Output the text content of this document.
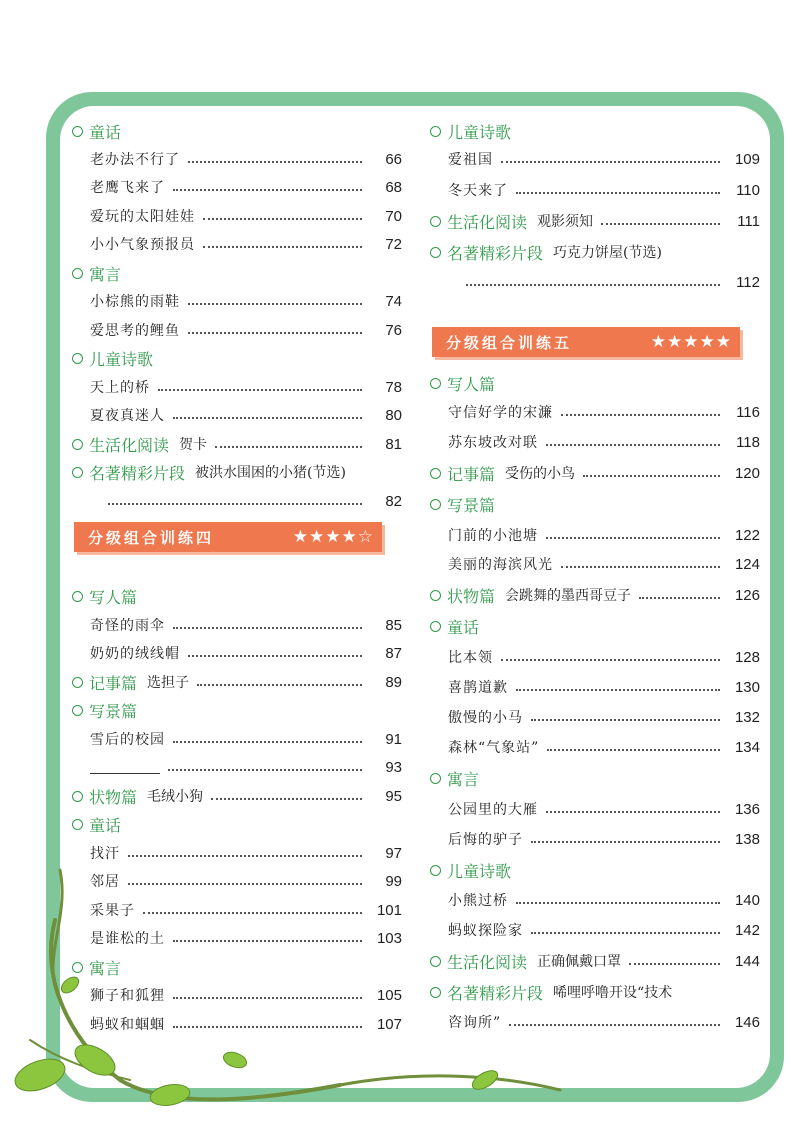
童话
老办法不行了	66
老鹰飞来了	68
爱玩的太阳娃娃	70
小小气象预报员	72
寓言
小棕熊的雨鞋	74
爱思考的鲤鱼	76
儿童诗歌
天上的桥	78
夏夜真迷人	80
生活化阅读 贺卡	81
名著精彩片段 被洪水围困的小猪(节选)
82
分级组合训练四	★★★★☆
写人篇
奇怪的雨伞	85
奶奶的绒线帽	87
记事篇 选担子	89
写景篇
雪后的校园	91
93
状物篇 毛绒小狗	95
童话
找汗	97
邻居	99
采果子	101
是谁松的土	103
寓言
狮子和狐狸	105
蚂蚁和蝈蝈	107
儿童诗歌
爱祖国	109
冬天来了	110
生活化阅读 观影须知	111
名著精彩片段 巧克力饼屋(节选)
112
分级组合训练五	★★★★★
写人篇
守信好学的宋濂	116
苏东坡改对联	118
记事篇 受伤的小鸟	120
写景篇
门前的小池塘	122
美丽的海滨风光	124
状物篇 会跳舞的墨西哥豆子	126
童话
比本领	128
喜鹊道歉	130
傲慢的小马	132
森林“气象站”	134
寓言
公园里的大雁	136
后悔的驴子	138
儿童诗歌
小熊过桥	140
蚂蚁探险家	142
生活化阅读 正确佩戴口罩	144
名著精彩片段 唏哩呼噜开设“技术
咨询所”	146
